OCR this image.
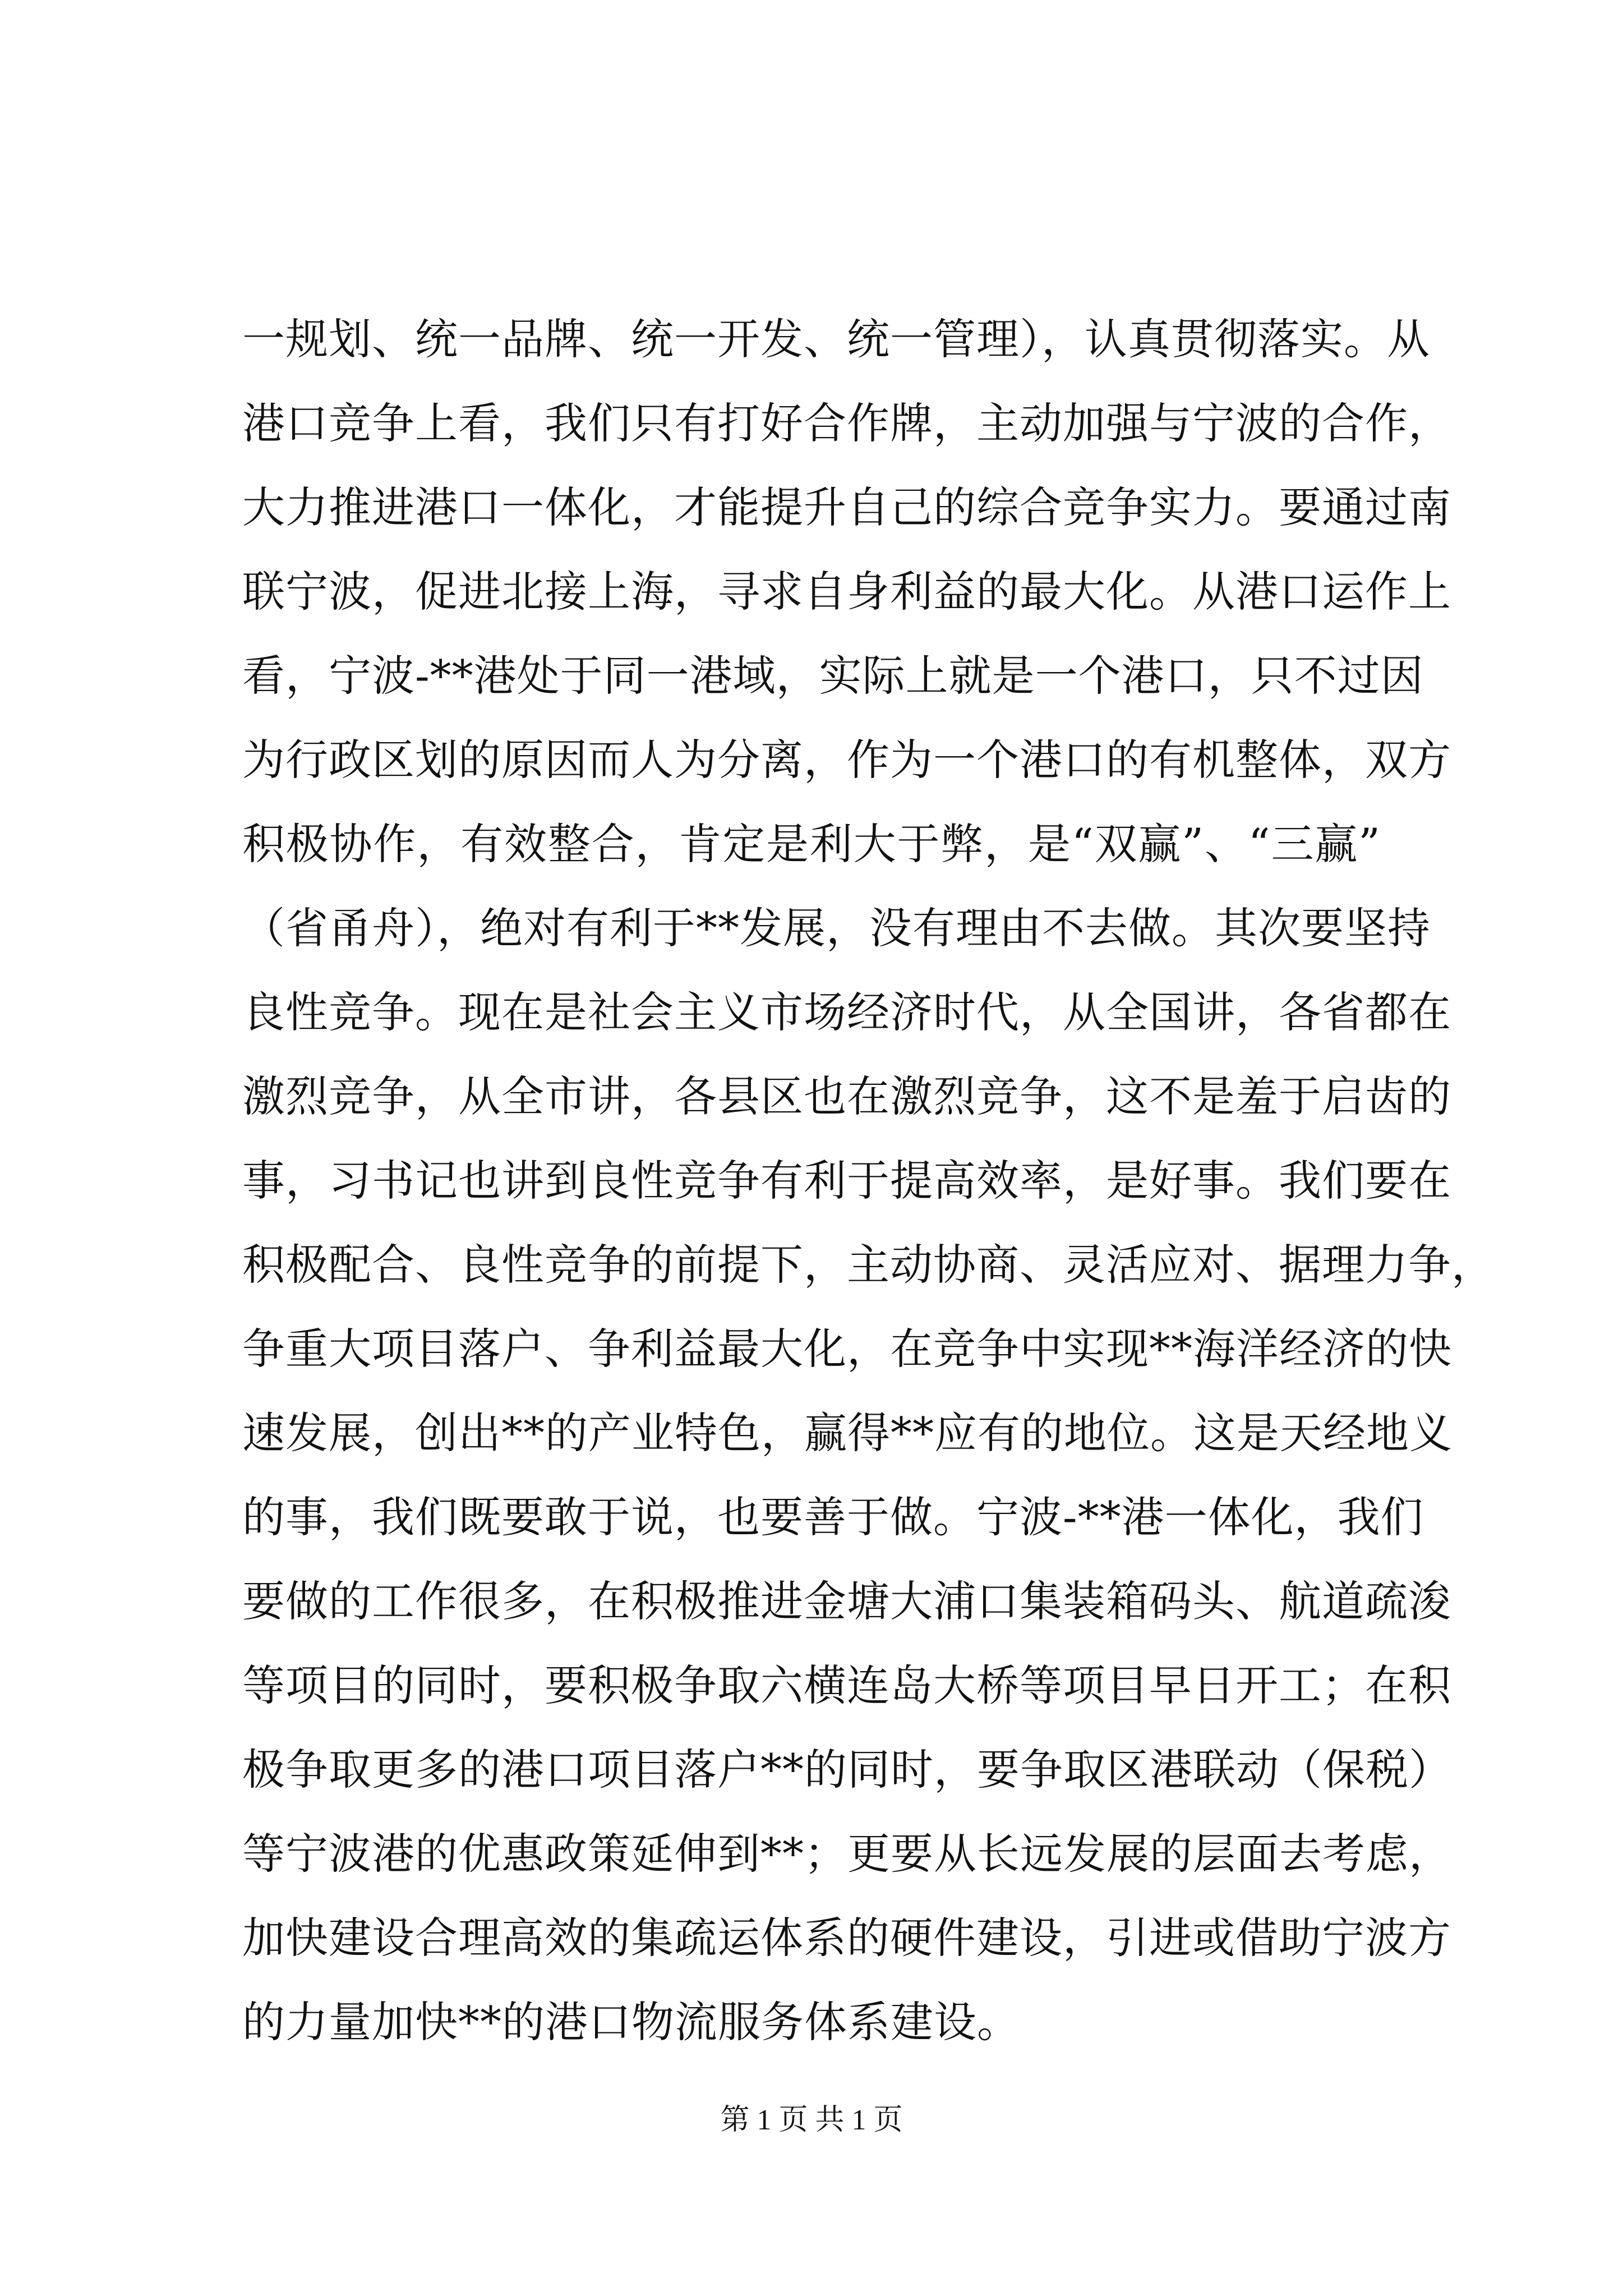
一规划、统一品牌、统一开发、统一管理），认真贯彻落实。从
港口竞争上看，我们只有打好合作牌，主动加强与宁波的合作，
大力推进港口一体化，才能提升自己的综合竞争实力。要通过南
联宁波，促进北接上海，寻求自身利益的最大化。从港口运作上
看，宁波-**港处于同一港域，实际上就是一个港口，只不过因
为行政区划的原因而人为分离，作为一个港口的有机整体，双方
积极协作，有效整合，肯定是利大于弊，是“双赢”、“三赢”
（省甬舟），绝对有利于**发展，没有理由不去做。其次要坚持
良性竞争。现在是社会主义市场经济时代，从全国讲，各省都在
激烈竞争，从全市讲，各县区也在激烈竞争，这不是羞于启齿的
事，习书记也讲到良性竞争有利于提高效率，是好事。我们要在
积极配合、良性竞争的前提下，主动协商、灵活应对、据理力争，
争重大项目落户、争利益最大化，在竞争中实现**海洋经济的快
速发展，创出**的产业特色，赢得**应有的地位。这是天经地义
的事，我们既要敢于说，也要善于做。宁波-**港一体化，我们
要做的工作很多，在积极推进金塘大浦口集装箱码头、航道疏浚
等项目的同时，要积极争取六横连岛大桥等项目早日开工；在积
极争取更多的港口项目落户**的同时，要争取区港联动（保税）
等宁波港的优惠政策延伸到**；更要从长远发展的层面去考虑，
加快建设合理高效的集疏运体系的硬件建设，引进或借助宁波方
的力量加快**的港口物流服务体系建设。
第 1 页 共 1 页
